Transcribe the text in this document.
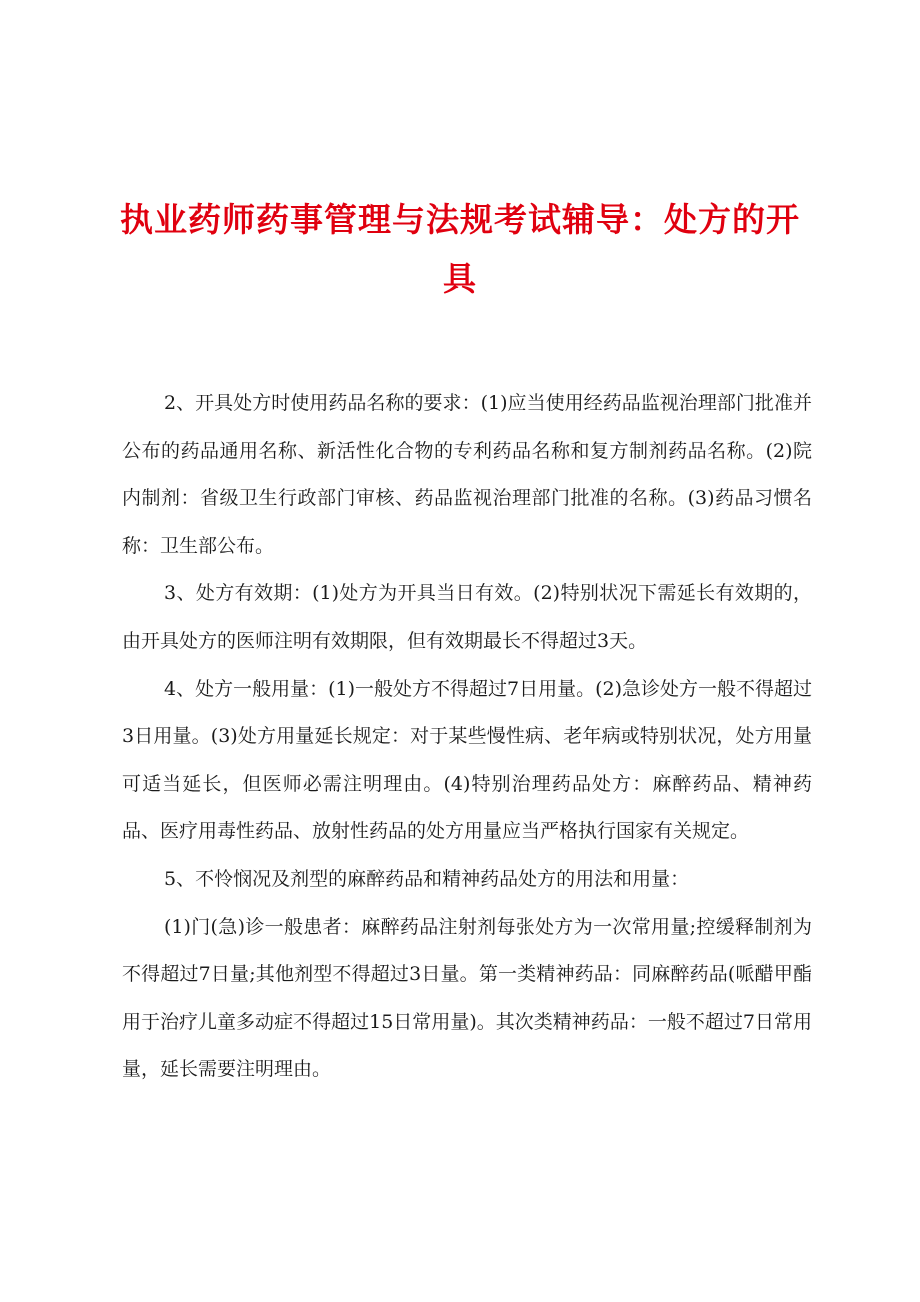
执业药师药事管理与法规考试辅导：处方的开具

2、开具处方时使用药品名称的要求：(1)应当使用经药品监视治理部门批准并公布的药品通用名称、新活性化合物的专利药品名称和复方制剂药品名称。(2)院内制剂：省级卫生行政部门审核、药品监视治理部门批准的名称。(3)药品习惯名称：卫生部公布。

3、处方有效期：(1)处方为开具当日有效。(2)特别状况下需延长有效期的，由开具处方的医师注明有效期限，但有效期最长不得超过3天。

4、处方一般用量：(1)一般处方不得超过7日用量。(2)急诊处方一般不得超过3日用量。(3)处方用量延长规定：对于某些慢性病、老年病或特别状况，处方用量可适当延长，但医师必需注明理由。(4)特别治理药品处方：麻醉药品、精神药品、医疗用毒性药品、放射性药品的处方用量应当严格执行国家有关规定。

5、不怜悯况及剂型的麻醉药品和精神药品处方的用法和用量：

(1)门(急)诊一般患者：麻醉药品注射剂每张处方为一次常用量;控缓释制剂为不得超过7日量;其他剂型不得超过3日量。第一类精神药品：同麻醉药品(哌醋甲酯用于治疗儿童多动症不得超过15日常用量)。其次类精神药品：一般不超过7日常用量，延长需要注明理由。
